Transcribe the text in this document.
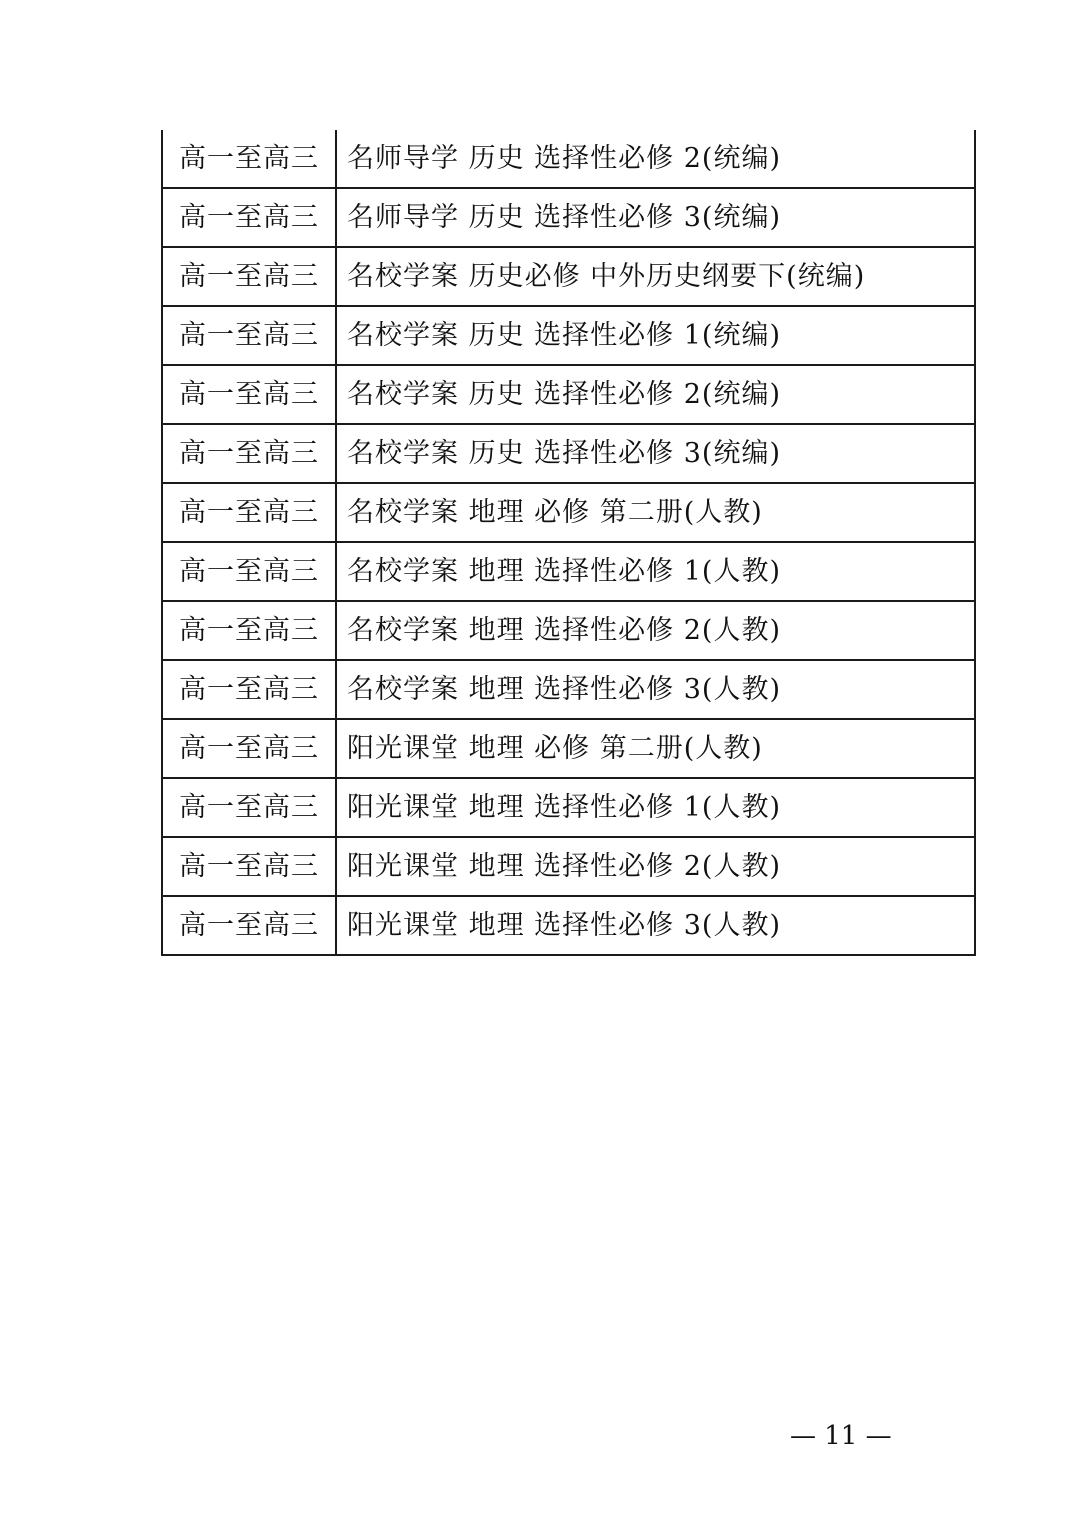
高一至高三	名师导学 历史 选择性必修 2(统编)
高一至高三	名师导学 历史 选择性必修 3(统编)
高一至高三	名校学案 历史必修 中外历史纲要下(统编)
高一至高三	名校学案 历史 选择性必修 1(统编)
高一至高三	名校学案 历史 选择性必修 2(统编)
高一至高三	名校学案 历史 选择性必修 3(统编)
高一至高三	名校学案 地理 必修 第二册(人教)
高一至高三	名校学案 地理 选择性必修 1(人教)
高一至高三	名校学案 地理 选择性必修 2(人教)
高一至高三	名校学案 地理 选择性必修 3(人教)
高一至高三	阳光课堂 地理 必修 第二册(人教)
高一至高三	阳光课堂 地理 选择性必修 1(人教)
高一至高三	阳光课堂 地理 选择性必修 2(人教)
高一至高三	阳光课堂 地理 选择性必修 3(人教)
— 11 —
